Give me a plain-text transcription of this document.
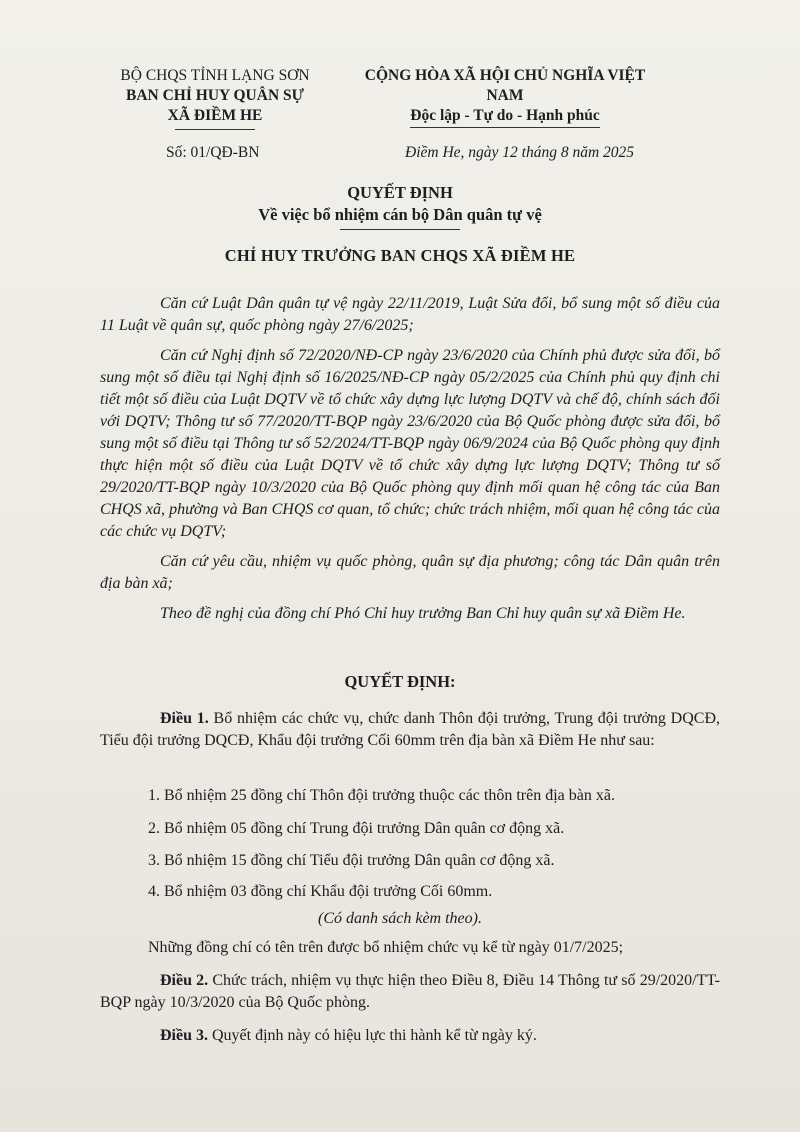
BỘ CHQS TỈNH LẠNG SƠN
BAN CHỈ HUY QUÂN SỰ
XÃ ĐIỀM HE
CỘNG HÒA XÃ HỘI CHỦ NGHĨA VIỆT NAM
Độc lập - Tự do - Hạnh phúc
Số: 01/QĐ-BN	Điềm He, ngày 12 tháng 8 năm 2025
QUYẾT ĐỊNH
Về việc bổ nhiệm cán bộ Dân quân tự vệ
CHỈ HUY TRƯỞNG BAN CHQS XÃ ĐIỀM HE

Căn cứ Luật Dân quân tự vệ ngày 22/11/2019, Luật Sửa đổi, bổ sung một số điều của 11 Luật về quân sự, quốc phòng ngày 27/6/2025;

Căn cứ Nghị định số 72/2020/NĐ-CP ngày 23/6/2020 của Chính phủ được sửa đổi, bổ sung một số điều tại Nghị định số 16/2025/NĐ-CP ngày 05/2/2025 của Chính phủ quy định chi tiết một số điều của Luật DQTV về tổ chức xây dựng lực lượng DQTV và chế độ, chính sách đối với DQTV; Thông tư số 77/2020/TT-BQP ngày 23/6/2020 của Bộ Quốc phòng được sửa đổi, bổ sung một số điều tại Thông tư số 52/2024/TT-BQP ngày 06/9/2024 của Bộ Quốc phòng quy định thực hiện một số điều của Luật DQTV về tổ chức xây dựng lực lượng DQTV; Thông tư số 29/2020/TT-BQP ngày 10/3/2020 của Bộ Quốc phòng quy định mối quan hệ công tác của Ban CHQS xã, phường và Ban CHQS cơ quan, tổ chức; chức trách nhiệm, mối quan hệ công tác của các chức vụ DQTV;

Căn cứ yêu cầu, nhiệm vụ quốc phòng, quân sự địa phương; công tác Dân quân trên địa bàn xã;

Theo đề nghị của đồng chí Phó Chỉ huy trưởng Ban Chỉ huy quân sự xã Điềm He.

QUYẾT ĐỊNH:

Điều 1. Bổ nhiệm các chức vụ, chức danh Thôn đội trưởng, Trung đội trưởng DQCĐ, Tiểu đội trưởng DQCĐ, Khẩu đội trưởng Cối 60mm trên địa bàn xã Điềm He như sau:

1. Bổ nhiệm 25 đồng chí Thôn đội trưởng thuộc các thôn trên địa bàn xã.
2. Bổ nhiệm 05 đồng chí Trung đội trưởng Dân quân cơ động xã.
3. Bổ nhiệm 15 đồng chí Tiểu đội trưởng Dân quân cơ động xã.
4. Bổ nhiệm 03 đồng chí Khẩu đội trưởng Cối 60mm.
(Có danh sách kèm theo).
Những đồng chí có tên trên được bổ nhiệm chức vụ kể từ ngày 01/7/2025;

Điều 2. Chức trách, nhiệm vụ thực hiện theo Điều 8, Điều 14 Thông tư số 29/2020/TT-BQP ngày 10/3/2020 của Bộ Quốc phòng.

Điều 3. Quyết định này có hiệu lực thi hành kể từ ngày ký.
